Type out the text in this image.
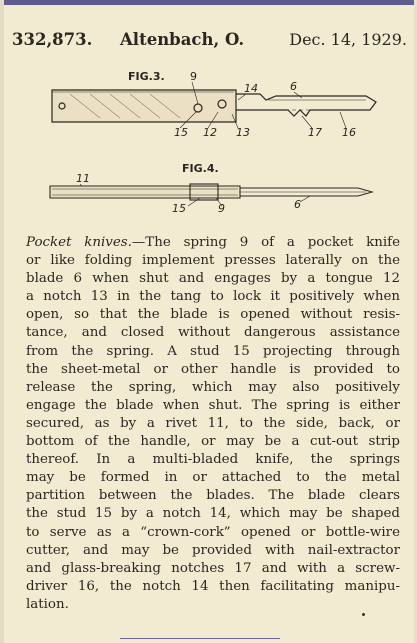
332,873. Altenbach, O.	Dec. 14, 1929.
FIG.3. 9
14	6
15 12 13	17 16
FIG.4.
11
15	9	6
Pocket knives.—The spring 9 of a pocket knife
or like folding implement presses laterally on the
blade 6 when shut and engages by a tongue 12
a notch 13 in the tang to lock it positively when
open, so that the blade is opened without resis-
tance, and closed without dangerous assistance
from the spring. A stud 15 projecting through
the sheet-metal or other handle is provided to
release the spring, which may also positively
engage the blade when shut. The spring is either
secured, as by a rivet 11, to the side, back, or
bottom of the handle, or may be a cut-out strip
thereof. In a multi-bladed knife, the springs
may be formed in or attached to the metal
partition between the blades. The blade clears
the stud 15 by a notch 14, which may be shaped
to serve as a “crown-cork” opened or bottle-wire
cutter, and may be provided with nail-extractor
and glass-breaking notches 17 and with a screw-
driver 16, the notch 14 then facilitating manipu-
lation.
